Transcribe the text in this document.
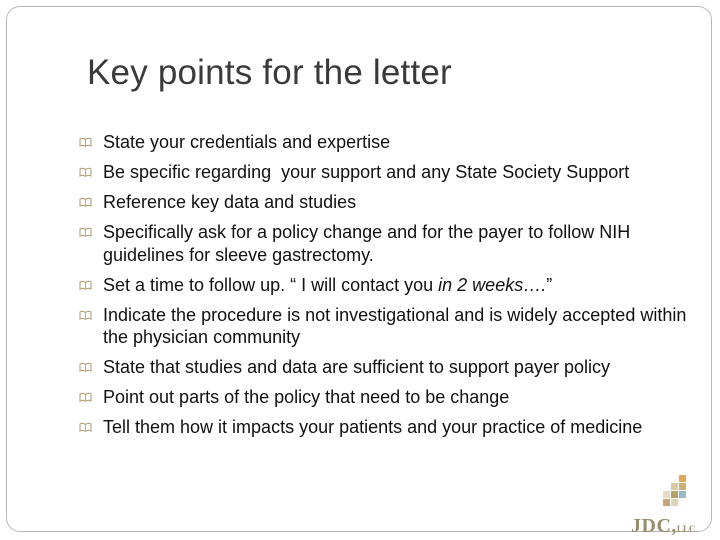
Key points for the letter
State your credentials and expertise
Be specific regarding  your support and any State Society Support
Reference key data and studies
Specifically ask for a policy change and for the payer to follow NIH guidelines for sleeve gastrectomy.
Set a time to follow up. “ I will contact you in 2 weeks….”
Indicate the procedure is not investigational and is widely accepted within the physician community
State that studies and data are sufficient to support payer policy
Point out parts of the policy that need to be change
Tell them how it impacts your patients and your practice of medicine
JDC,LLC
